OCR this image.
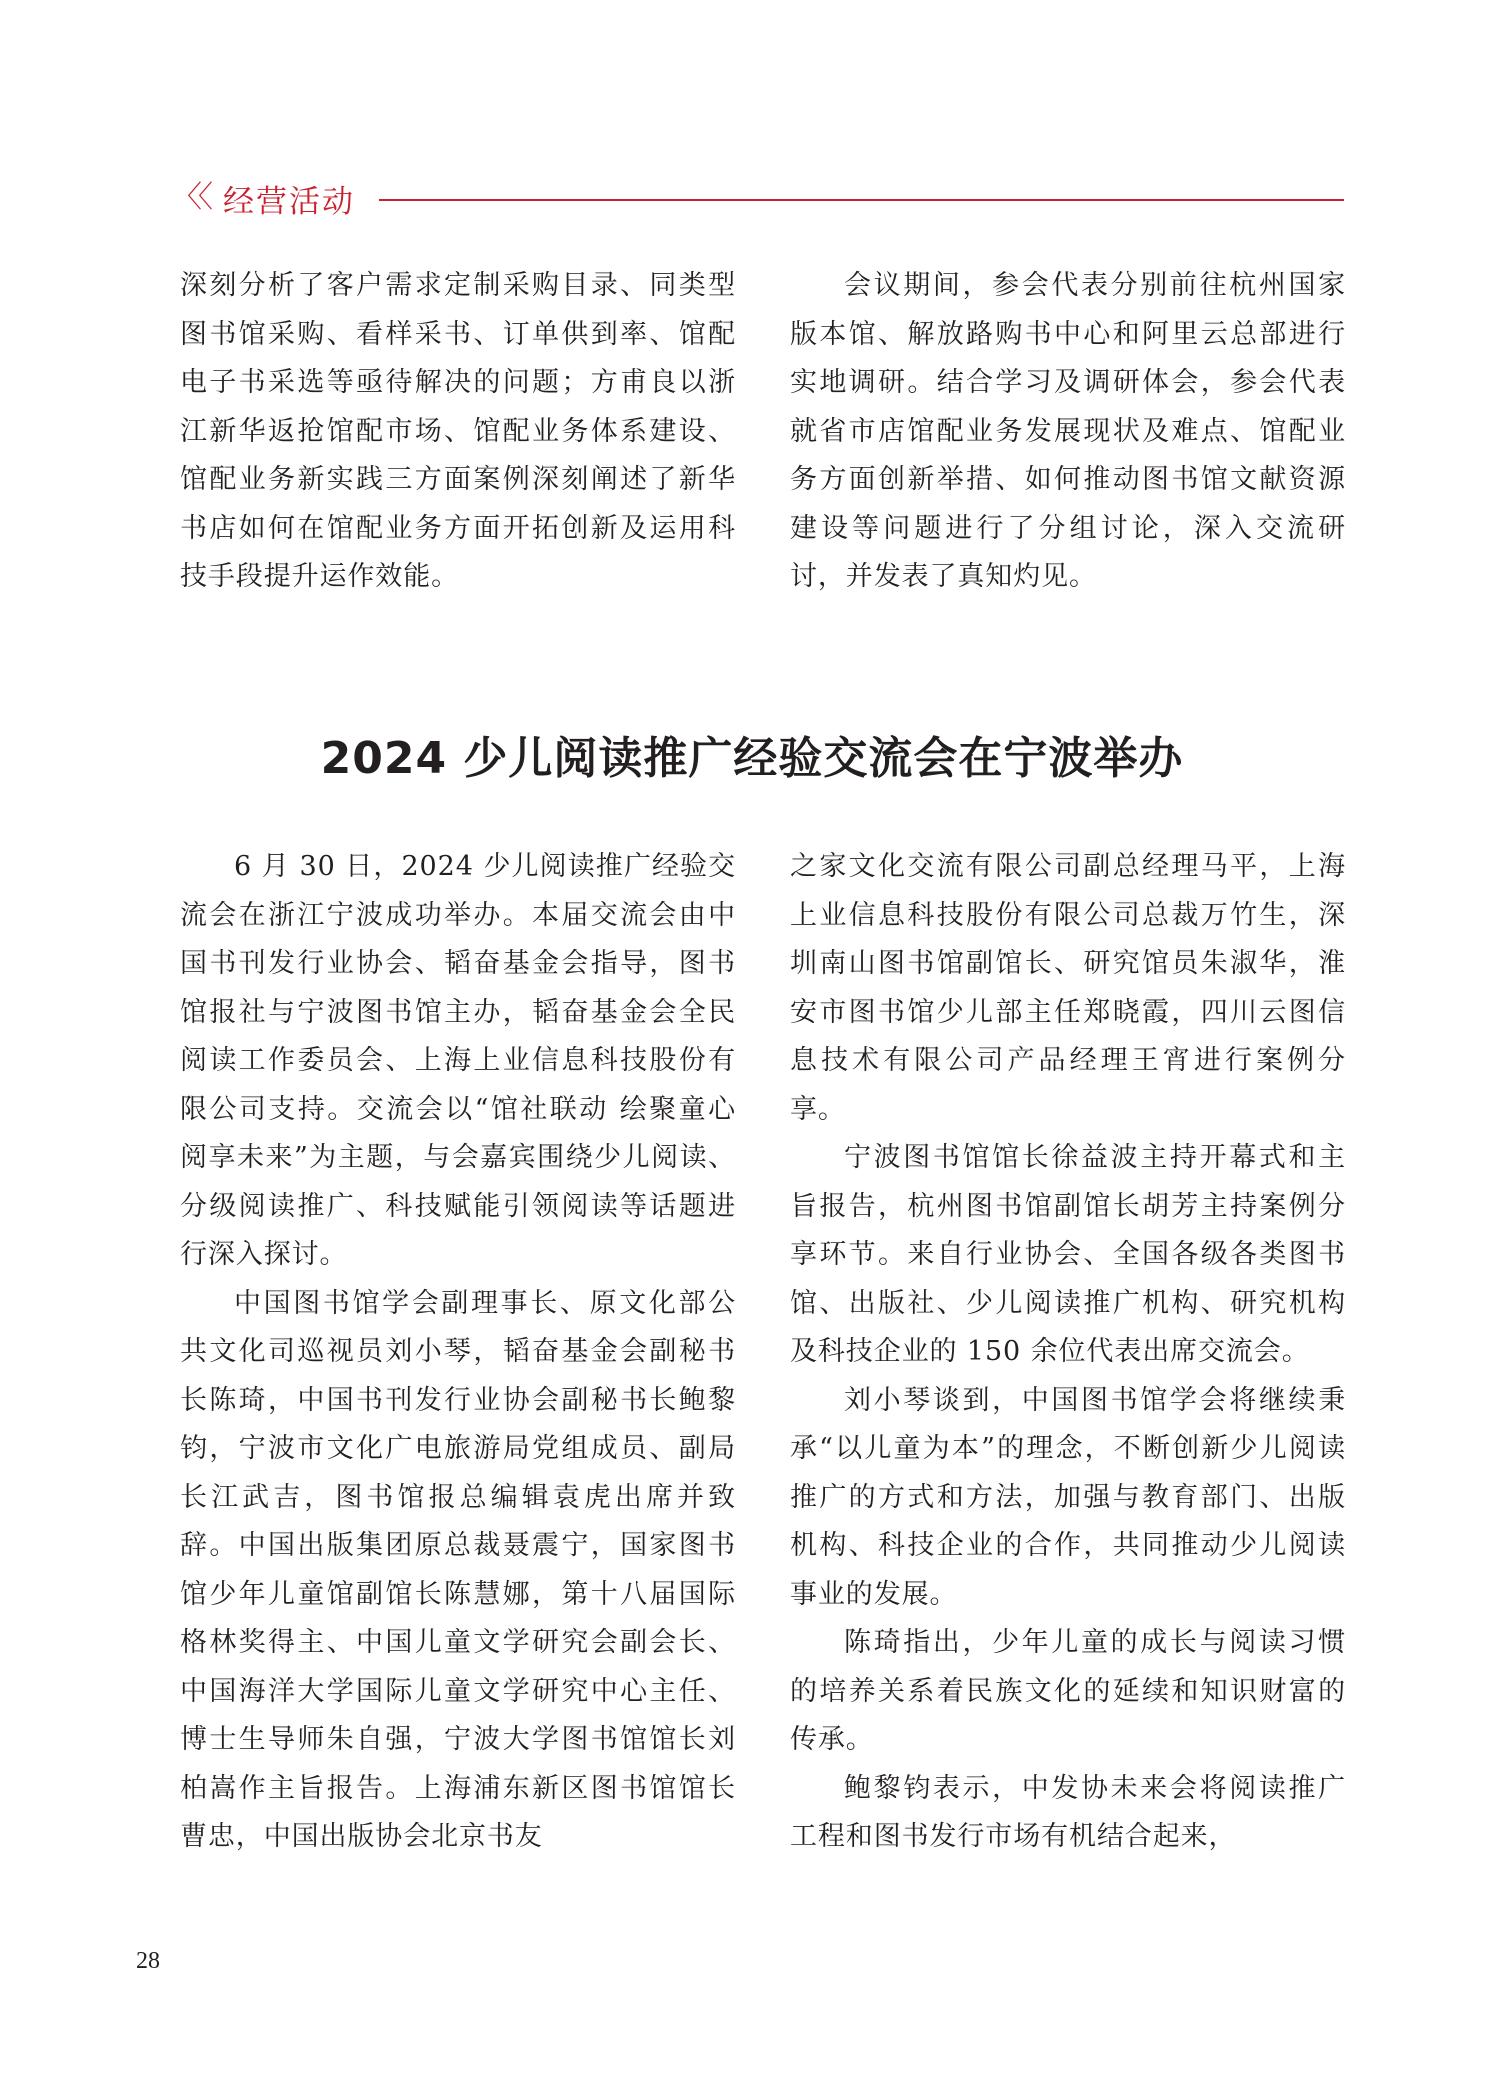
〈〈 经营活动

深刻分析了客户需求定制采购目录、同类型图书馆采购、看样采书、订单供到率、馆配电子书采选等亟待解决的问题；方甫良以浙江新华返抢馆配市场、馆配业务体系建设、馆配业务新实践三方面案例深刻阐述了新华书店如何在馆配业务方面开拓创新及运用科技手段提升运作效能。

会议期间，参会代表分别前往杭州国家版本馆、解放路购书中心和阿里云总部进行实地调研。结合学习及调研体会，参会代表就省市店馆配业务发展现状及难点、馆配业务方面创新举措、如何推动图书馆文献资源建设等问题进行了分组讨论，深入交流研讨，并发表了真知灼见。

2024 少儿阅读推广经验交流会在宁波举办

6 月 30 日，2024 少儿阅读推广经验交流会在浙江宁波成功举办。本届交流会由中国书刊发行业协会、韬奋基金会指导，图书馆报社与宁波图书馆主办，韬奋基金会全民阅读工作委员会、上海上业信息科技股份有限公司支持。交流会以“馆社联动 绘聚童心 阅享未来”为主题，与会嘉宾围绕少儿阅读、分级阅读推广、科技赋能引领阅读等话题进行深入探讨。

中国图书馆学会副理事长、原文化部公共文化司巡视员刘小琴，韬奋基金会副秘书长陈琦，中国书刊发行业协会副秘书长鲍黎钧，宁波市文化广电旅游局党组成员、副局长江武吉，图书馆报总编辑袁虎出席并致辞。中国出版集团原总裁聂震宁，国家图书馆少年儿童馆副馆长陈慧娜，第十八届国际格林奖得主、中国儿童文学研究会副会长、中国海洋大学国际儿童文学研究中心主任、博士生导师朱自强，宁波大学图书馆馆长刘柏嵩作主旨报告。上海浦东新区图书馆馆长曹忠，中国出版协会北京书友

之家文化交流有限公司副总经理马平，上海上业信息科技股份有限公司总裁万竹生，深圳南山图书馆副馆长、研究馆员朱淑华，淮安市图书馆少儿部主任郑晓霞，四川云图信息技术有限公司产品经理王宵进行案例分享。

宁波图书馆馆长徐益波主持开幕式和主旨报告，杭州图书馆副馆长胡芳主持案例分享环节。来自行业协会、全国各级各类图书馆、出版社、少儿阅读推广机构、研究机构及科技企业的 150 余位代表出席交流会。

刘小琴谈到，中国图书馆学会将继续秉承“以儿童为本”的理念，不断创新少儿阅读推广的方式和方法，加强与教育部门、出版机构、科技企业的合作，共同推动少儿阅读事业的发展。

陈琦指出，少年儿童的成长与阅读习惯的培养关系着民族文化的延续和知识财富的传承。

鲍黎钧表示，中发协未来会将阅读推广工程和图书发行市场有机结合起来，

28
